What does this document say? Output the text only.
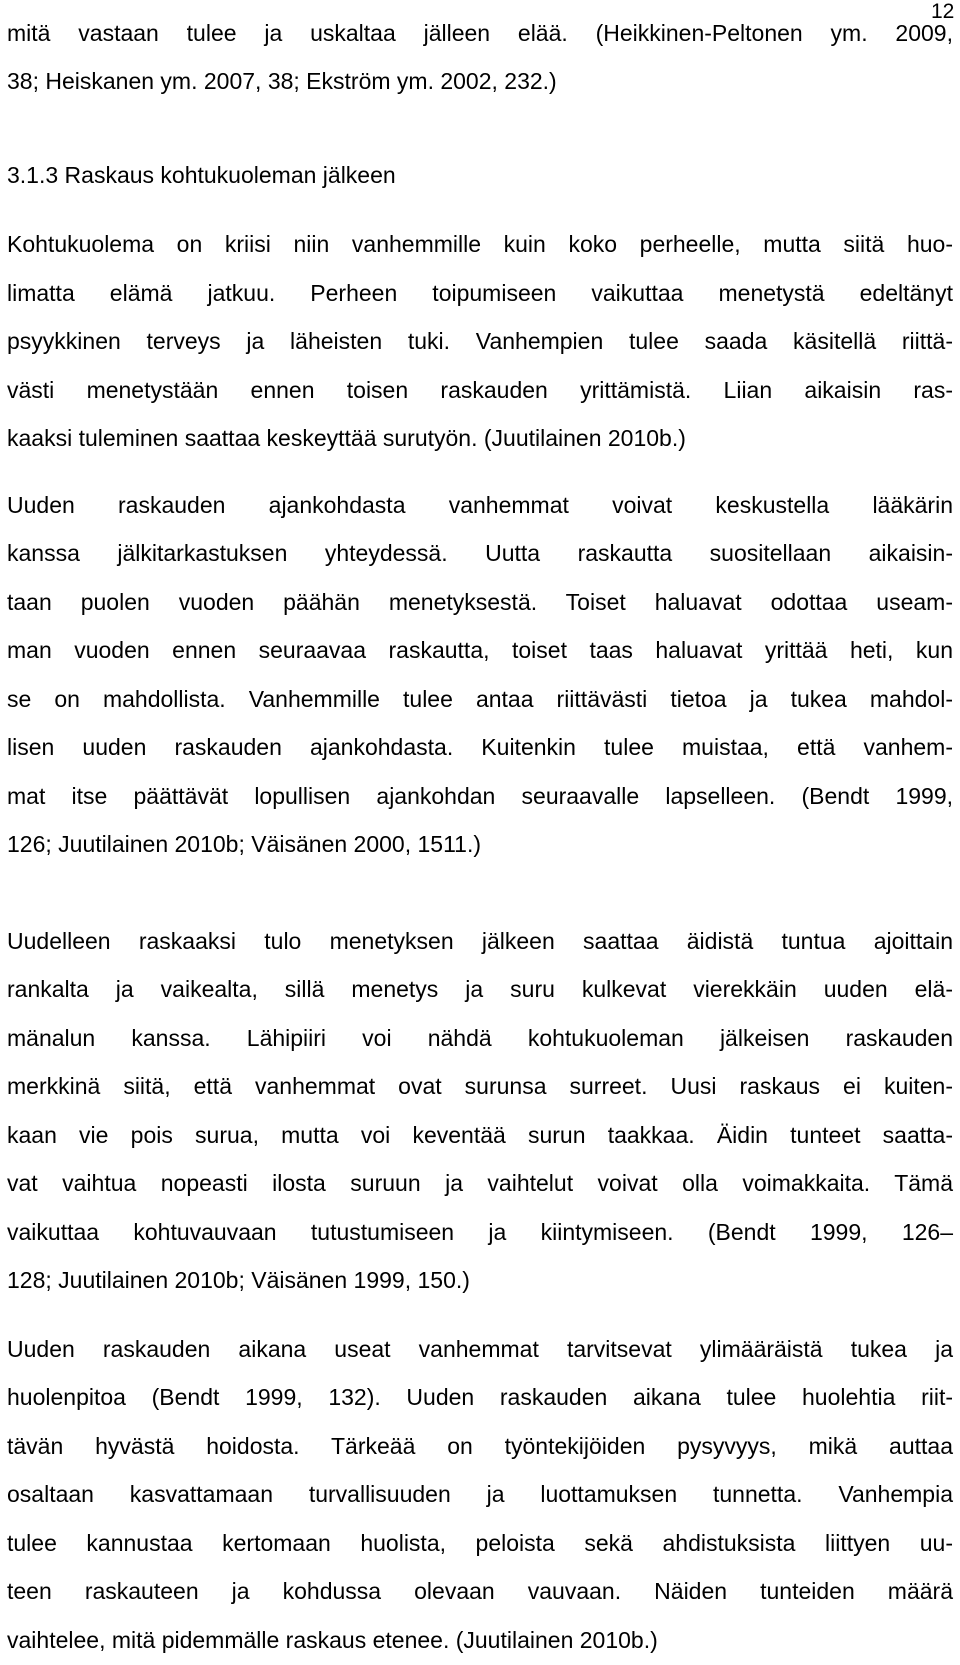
12
mitä vastaan tulee ja uskaltaa jälleen elää. (Heikkinen-Peltonen ym. 2009,
38; Heiskanen ym. 2007, 38; Ekström ym. 2002, 232.)
3.1.3 Raskaus kohtukuoleman jälkeen
Kohtukuolema on kriisi niin vanhemmille kuin koko perheelle, mutta siitä huo-
limatta elämä jatkuu. Perheen toipumiseen vaikuttaa menetystä edeltänyt
psyykkinen terveys ja läheisten tuki. Vanhempien tulee saada käsitellä riittä-
västi menetystään ennen toisen raskauden yrittämistä. Liian aikaisin ras-
kaaksi tuleminen saattaa keskeyttää surutyön. (Juutilainen 2010b.)
Uuden raskauden ajankohdasta vanhemmat voivat keskustella lääkärin
kanssa jälkitarkastuksen yhteydessä. Uutta raskautta suositellaan aikaisin-
taan puolen vuoden päähän menetyksestä. Toiset haluavat odottaa useam-
man vuoden ennen seuraavaa raskautta, toiset taas haluavat yrittää heti, kun
se on mahdollista. Vanhemmille tulee antaa riittävästi tietoa ja tukea mahdol-
lisen uuden raskauden ajankohdasta. Kuitenkin tulee muistaa, että vanhem-
mat itse päättävät lopullisen ajankohdan seuraavalle lapselleen. (Bendt 1999,
126; Juutilainen 2010b; Väisänen 2000, 1511.)
Uudelleen raskaaksi tulo menetyksen jälkeen saattaa äidistä tuntua ajoittain
rankalta ja vaikealta, sillä menetys ja suru kulkevat vierekkäin uuden elä-
mänalun kanssa. Lähipiiri voi nähdä kohtukuoleman jälkeisen raskauden
merkkinä siitä, että vanhemmat ovat surunsa surreet. Uusi raskaus ei kuiten-
kaan vie pois surua, mutta voi keventää surun taakkaa. Äidin tunteet saatta-
vat vaihtua nopeasti ilosta suruun ja vaihtelut voivat olla voimakkaita. Tämä
vaikuttaa kohtuvauvaan tutustumiseen ja kiintymiseen. (Bendt 1999, 126–
128; Juutilainen 2010b; Väisänen 1999, 150.)
Uuden raskauden aikana useat vanhemmat tarvitsevat ylimääräistä tukea ja
huolenpitoa (Bendt 1999, 132). Uuden raskauden aikana tulee huolehtia riit-
tävän hyvästä hoidosta. Tärkeää on työntekijöiden pysyvyys, mikä auttaa
osaltaan kasvattamaan turvallisuuden ja luottamuksen tunnetta. Vanhempia
tulee kannustaa kertomaan huolista, peloista sekä ahdistuksista liittyen uu-
teen raskauteen ja kohdussa olevaan vauvaan. Näiden tunteiden määrä
vaihtelee, mitä pidemmälle raskaus etenee. (Juutilainen 2010b.)
